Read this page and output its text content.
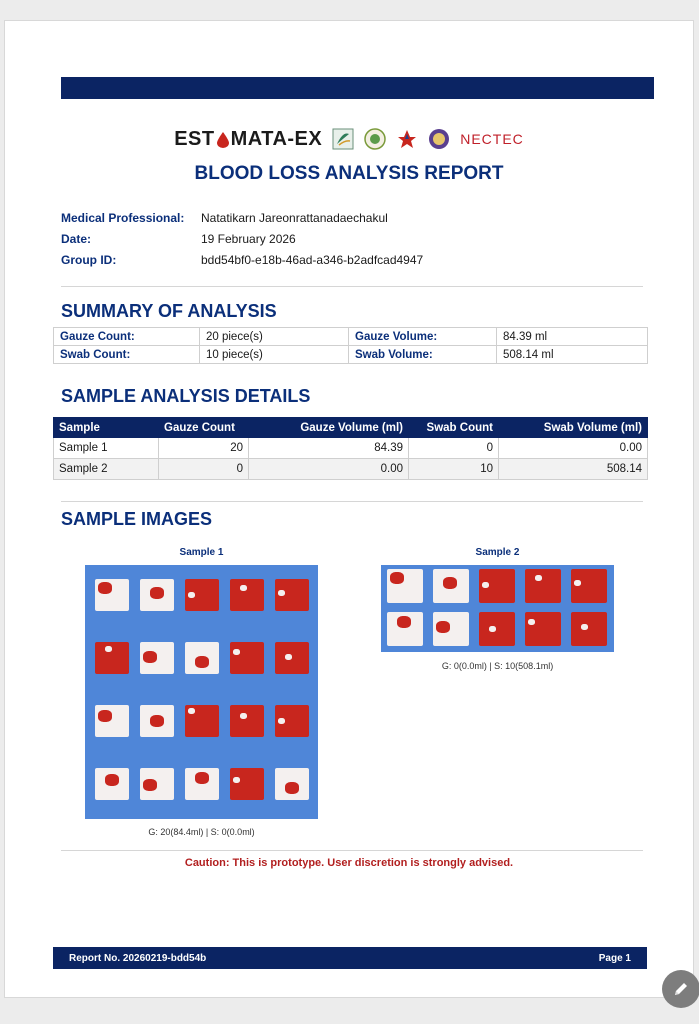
EST MATA-EX	NECTEC
BLOOD LOSS ANALYSIS REPORT
Medical Professional:	Natatikarn Jareonrattanadaechakul
Date:	19 February 2026
Group ID:	bdd54bf0-e18b-46ad-a346-b2adfcad4947
SUMMARY OF ANALYSIS
Gauze Count:	20 piece(s)	Gauze Volume:	84.39 ml
Swab Count:	10 piece(s)	Swab Volume:	508.14 ml
SAMPLE ANALYSIS DETAILS
Sample	Gauze Count	Gauze Volume (ml)	Swab Count	Swab Volume (ml)
Sample 1	20	84.39	0	0.00
Sample 2	0	0.00	10	508.14
SAMPLE IMAGES
Sample 1
G: 20(84.4ml) | S: 0(0.0ml)
Sample 2
G: 0(0.0ml) | S: 10(508.1ml)
Caution: This is prototype. User discretion is strongly advised.
Report No. 20260219-bdd54b	Page 1
